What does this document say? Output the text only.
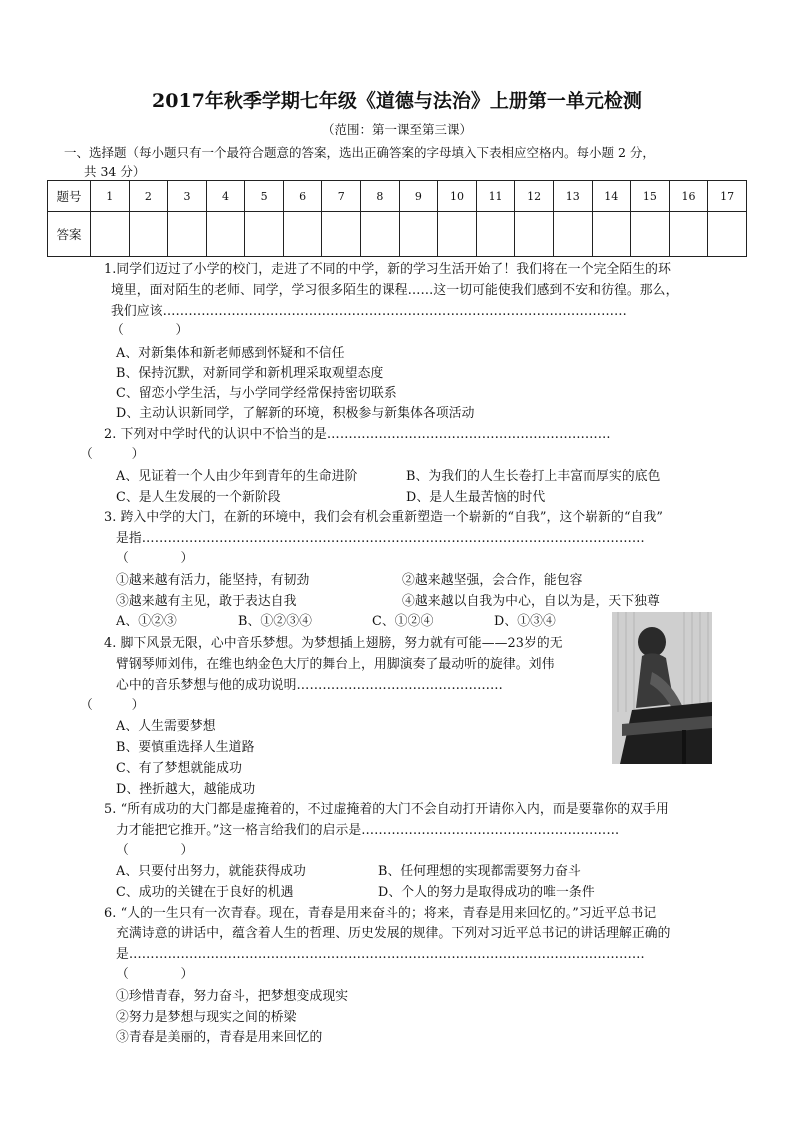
2017年秋季学期七年级《道德与法治》上册第一单元检测
（范围：第一课至第三课）
一、选择题（每小题只有一个最符合题意的答案，选出正确答案的字母填入下表相应空格内。每小题 2 分，
共 34 分）
题号	1	2	3	4	5	6	7	8	9	10	11	12	13	14	15	16	17
答案																	
1.同学们迈过了小学的校门，走进了不同的中学，新的学习生活开始了！我们将在一个完全陌生的环
境里，面对陌生的老师、同学，学习很多陌生的课程……这一切可能使我们感到不安和彷徨。那么，
我们应该………………………………………………………………………………………………
（　　　　）
A、对新集体和新老师感到怀疑和不信任
B、保持沉默，对新同学和新机理采取观望态度
C、留恋小学生活，与小学同学经常保持密切联系
D、主动认识新同学，了解新的环境，积极参与新集体各项活动
2. 下列对中学时代的认识中不恰当的是…………………………………………………………
（　　　）
A、见证着一个人由少年到青年的生命进阶	B、为我们的人生长卷打上丰富而厚实的底色
C、是人生发展的一个新阶段	D、是人生最苦恼的时代
3. 跨入中学的大门，在新的环境中，我们会有机会重新塑造一个崭新的“自我”，这个崭新的“自我”
是指………………………………………………………………………………………………………
（　　　　）
①越来越有活力，能坚持，有韧劲	②越来越坚强，会合作，能包容
③越来越有主见，敢于表达自我	④越来越以自我为中心，自以为是，天下独尊
A、①②③	B、①②③④	C、①②④	D、①③④
4. 脚下风景无限，心中音乐梦想。为梦想插上翅膀，努力就有可能——23岁的无
臂钢琴师刘伟，在维也纳金色大厅的舞台上，用脚演奏了最动听的旋律。刘伟
心中的音乐梦想与他的成功说明…………………………………………
（　　　）
A、人生需要梦想
B、要慎重选择人生道路
C、有了梦想就能成功
D、挫折越大，越能成功
5. “所有成功的大门都是虚掩着的，不过虚掩着的大门不会自动打开请你入内，而是要靠你的双手用
力才能把它推开。”这一格言给我们的启示是……………………………………………………
（　　　　）
A、只要付出努力，就能获得成功	B、任何理想的实现都需要努力奋斗
C、成功的关键在于良好的机遇	D、个人的努力是取得成功的唯一条件
6. “人的一生只有一次青春。现在，青春是用来奋斗的；将来，青春是用来回忆的。”习近平总书记
充满诗意的讲话中，蕴含着人生的哲理、历史发展的规律。下列对习近平总书记的讲话理解正确的
是…………………………………………………………………………………………………………
（　　　　）
①珍惜青春，努力奋斗，把梦想变成现实
②努力是梦想与现实之间的桥梁
③青春是美丽的，青春是用来回忆的
